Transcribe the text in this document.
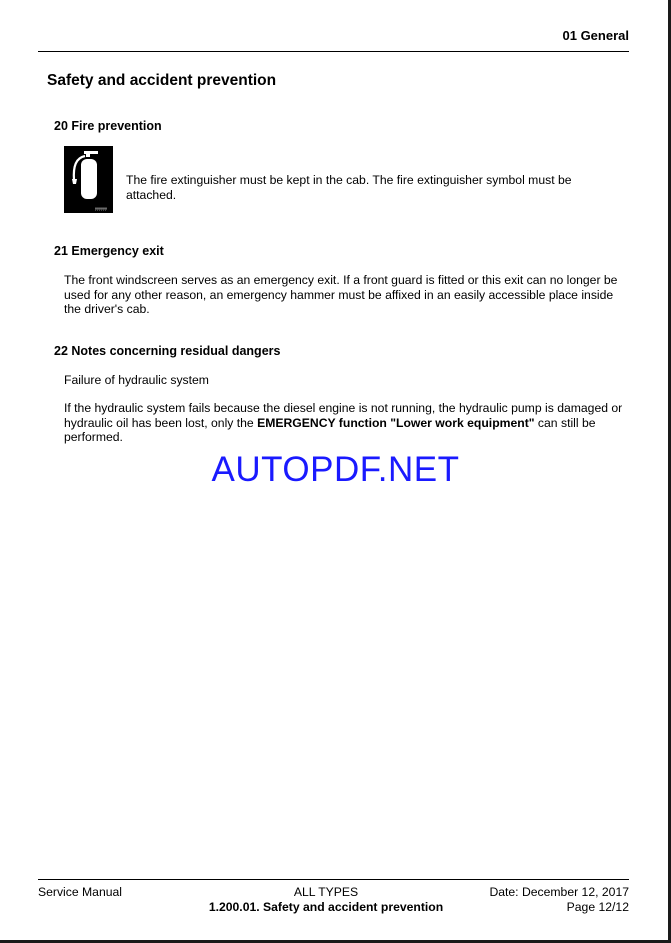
01 General
Safety and accident prevention
20 Fire prevention
yyyyyy
The fire extinguisher must be kept in the cab. The fire extinguisher symbol must be attached.
21 Emergency exit
The front windscreen serves as an emergency exit. If a front guard is fitted or this exit can no longer be used for any other reason, an emergency hammer must be affixed in an easily accessible place inside the driver's cab.
22 Notes concerning residual dangers
Failure of hydraulic system
If the hydraulic system fails because the diesel engine is not running, the hydraulic pump is damaged or hydraulic oil has been lost, only the EMERGENCY function "Lower work equipment" can still be performed.
AUTOPDF.NET
Service Manual	ALL TYPES
1.200.01. Safety and accident prevention
Date: December 12, 2017
Page 12/12
